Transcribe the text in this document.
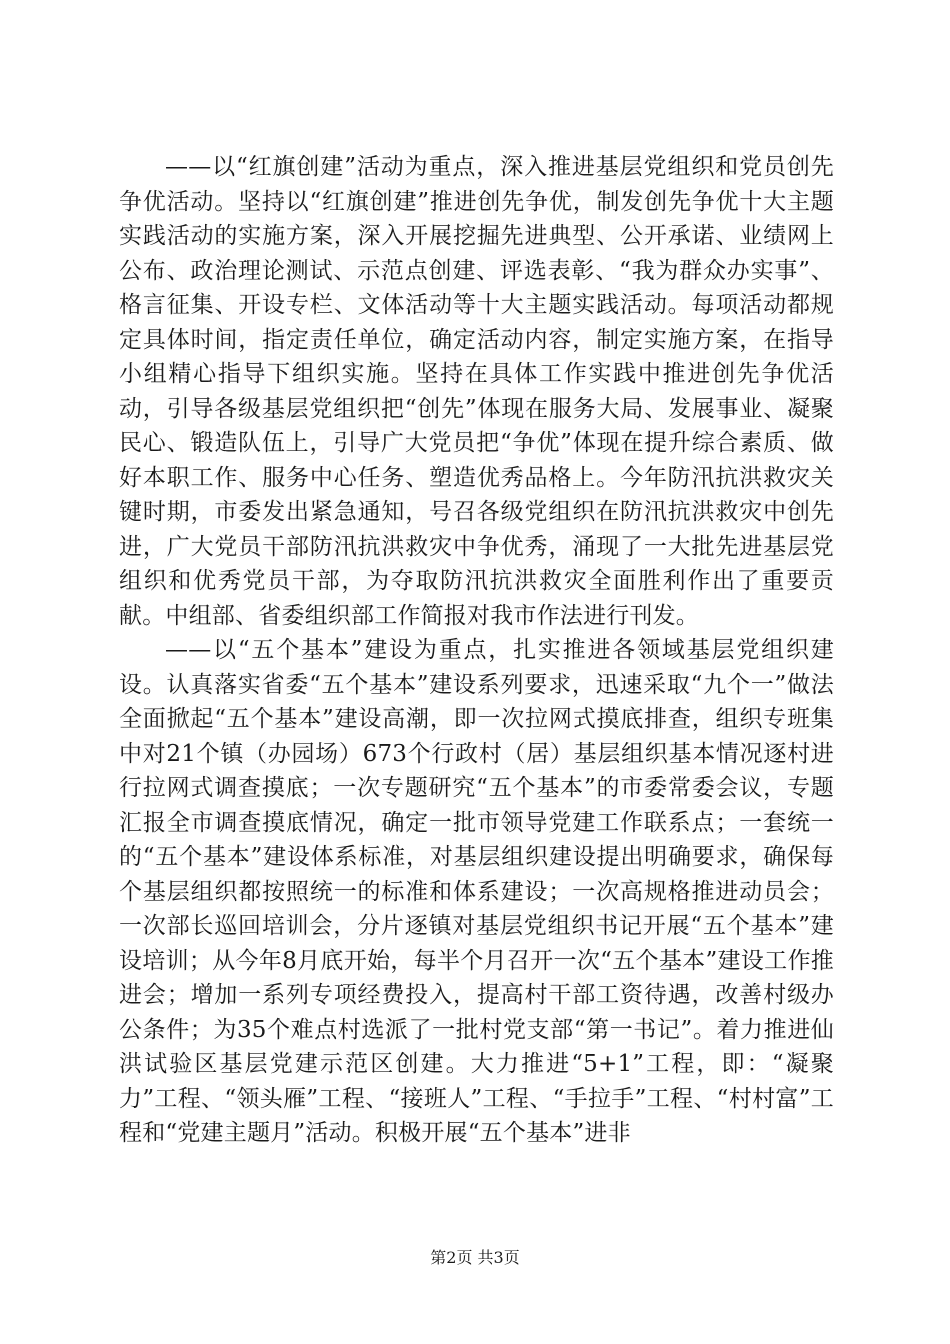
——以“红旗创建”活动为重点，深入推进基层党组织和党员创先争优活动。坚持以“红旗创建”推进创先争优，制发创先争优十大主题实践活动的实施方案，深入开展挖掘先进典型、公开承诺、业绩网上公布、政治理论测试、示范点创建、评选表彰、“我为群众办实事”、格言征集、开设专栏、文体活动等十大主题实践活动。每项活动都规定具体时间，指定责任单位，确定活动内容，制定实施方案，在指导小组精心指导下组织实施。坚持在具体工作实践中推进创先争优活动，引导各级基层党组织把“创先”体现在服务大局、发展事业、凝聚民心、锻造队伍上，引导广大党员把“争优”体现在提升综合素质、做好本职工作、服务中心任务、塑造优秀品格上。今年防汛抗洪救灾关键时期，市委发出紧急通知，号召各级党组织在防汛抗洪救灾中创先进，广大党员干部防汛抗洪救灾中争优秀，涌现了一大批先进基层党组织和优秀党员干部，为夺取防汛抗洪救灾全面胜利作出了重要贡献。中组部、省委组织部工作简报对我市作法进行刊发。

——以“五个基本”建设为重点，扎实推进各领域基层党组织建设。认真落实省委“五个基本”建设系列要求，迅速采取“九个一”做法全面掀起“五个基本”建设高潮，即一次拉网式摸底排查，组织专班集中对21个镇（办园场）673个行政村（居）基层组织基本情况逐村进行拉网式调查摸底；一次专题研究“五个基本”的市委常委会议，专题汇报全市调查摸底情况，确定一批市领导党建工作联系点；一套统一的“五个基本”建设体系标准，对基层组织建设提出明确要求，确保每个基层组织都按照统一的标准和体系建设；一次高规格推进动员会；一次部长巡回培训会，分片逐镇对基层党组织书记开展“五个基本”建设培训；从今年8月底开始，每半个月召开一次“五个基本”建设工作推进会；增加一系列专项经费投入，提高村干部工资待遇，改善村级办公条件；为35个难点村选派了一批村党支部“第一书记”。着力推进仙洪试验区基层党建示范区创建。大力推进“5+1”工程，即：“凝聚力”工程、“领头雁”工程、“接班人”工程、“手拉手”工程、“村村富”工程和“党建主题月”活动。积极开展“五个基本”进非

第2页 共3页
